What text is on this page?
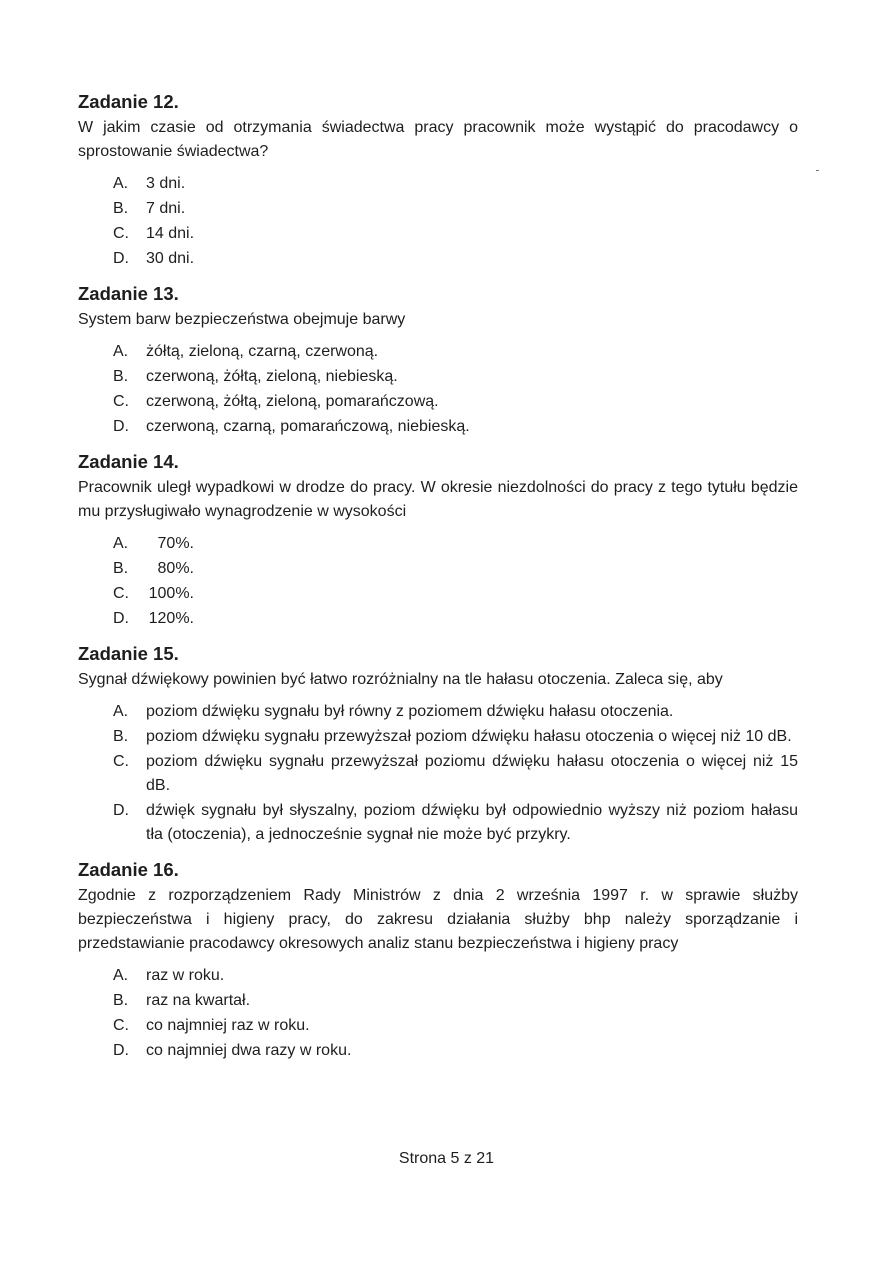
Zadanie 12.

W jakim czasie od otrzymania świadectwa pracy pracownik może wystąpić do pracodawcy o sprostowanie świadectwa?

A.	3 dni.
B.	7 dni.
C.	14 dni.
D.	30 dni.
Zadanie 13.

System barw bezpieczeństwa obejmuje barwy

A.	żółtą, zieloną, czarną, czerwoną.
B.	czerwoną, żółtą, zieloną, niebieską.
C.	czerwoną, żółtą, zieloną, pomarańczową.
D.	czerwoną, czarną, pomarańczową, niebieską.
Zadanie 14.

Pracownik uległ wypadkowi w drodze do pracy. W okresie niezdolności do pracy z tego tytułu będzie mu przysługiwało wynagrodzenie w wysokości

A.	70%.
B.	80%.
C.	100%.
D.	120%.
Zadanie 15.

Sygnał dźwiękowy powinien być łatwo rozróżnialny na tle hałasu otoczenia. Zaleca się, aby

A.	poziom dźwięku sygnału był równy z poziomem dźwięku hałasu otoczenia.
B.	poziom dźwięku sygnału przewyższał poziom dźwięku hałasu otoczenia o więcej niż 10 dB.
C.	poziom dźwięku sygnału przewyższał poziomu dźwięku hałasu otoczenia o więcej niż 15 dB.
D.	dźwięk sygnału był słyszalny, poziom dźwięku był odpowiednio wyższy niż poziom hałasu tła (otoczenia), a jednocześnie sygnał nie może być przykry.
Zadanie 16.

Zgodnie z rozporządzeniem Rady Ministrów z dnia 2 września 1997 r. w sprawie służby bezpieczeństwa i higieny pracy, do zakresu działania służby bhp należy sporządzanie i przedstawianie pracodawcy okresowych analiz stanu bezpieczeństwa i higieny pracy

A.	raz w roku.
B.	raz na kwartał.
C.	co najmniej raz w roku.
D.	co najmniej dwa razy w roku.
Strona 5 z 21
